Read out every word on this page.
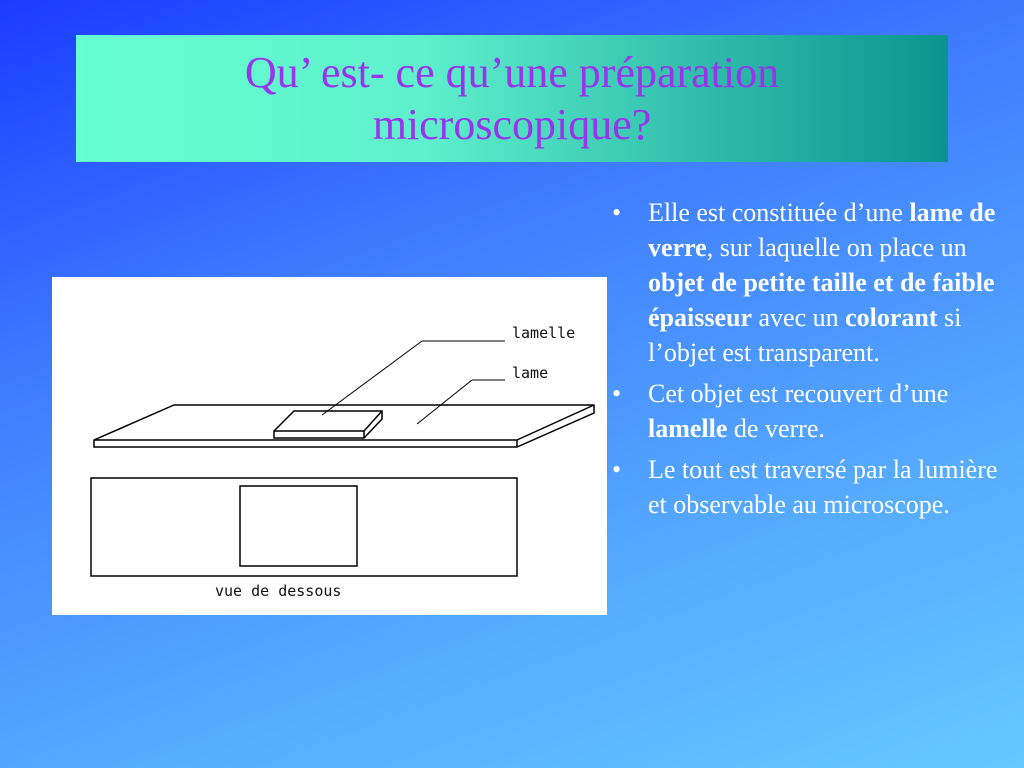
Qu’ est- ce qu’une préparation
microscopique?
lamelle
lame
vue de dessous
• Elle est constituée d’une lame de verre, sur laquelle on place un objet de petite taille et de faible épaisseur avec un colorant si l’objet est transparent.
• Cet objet est recouvert d’une lamelle de verre.
• Le tout est traversé par la lumière et observable au microscope.
